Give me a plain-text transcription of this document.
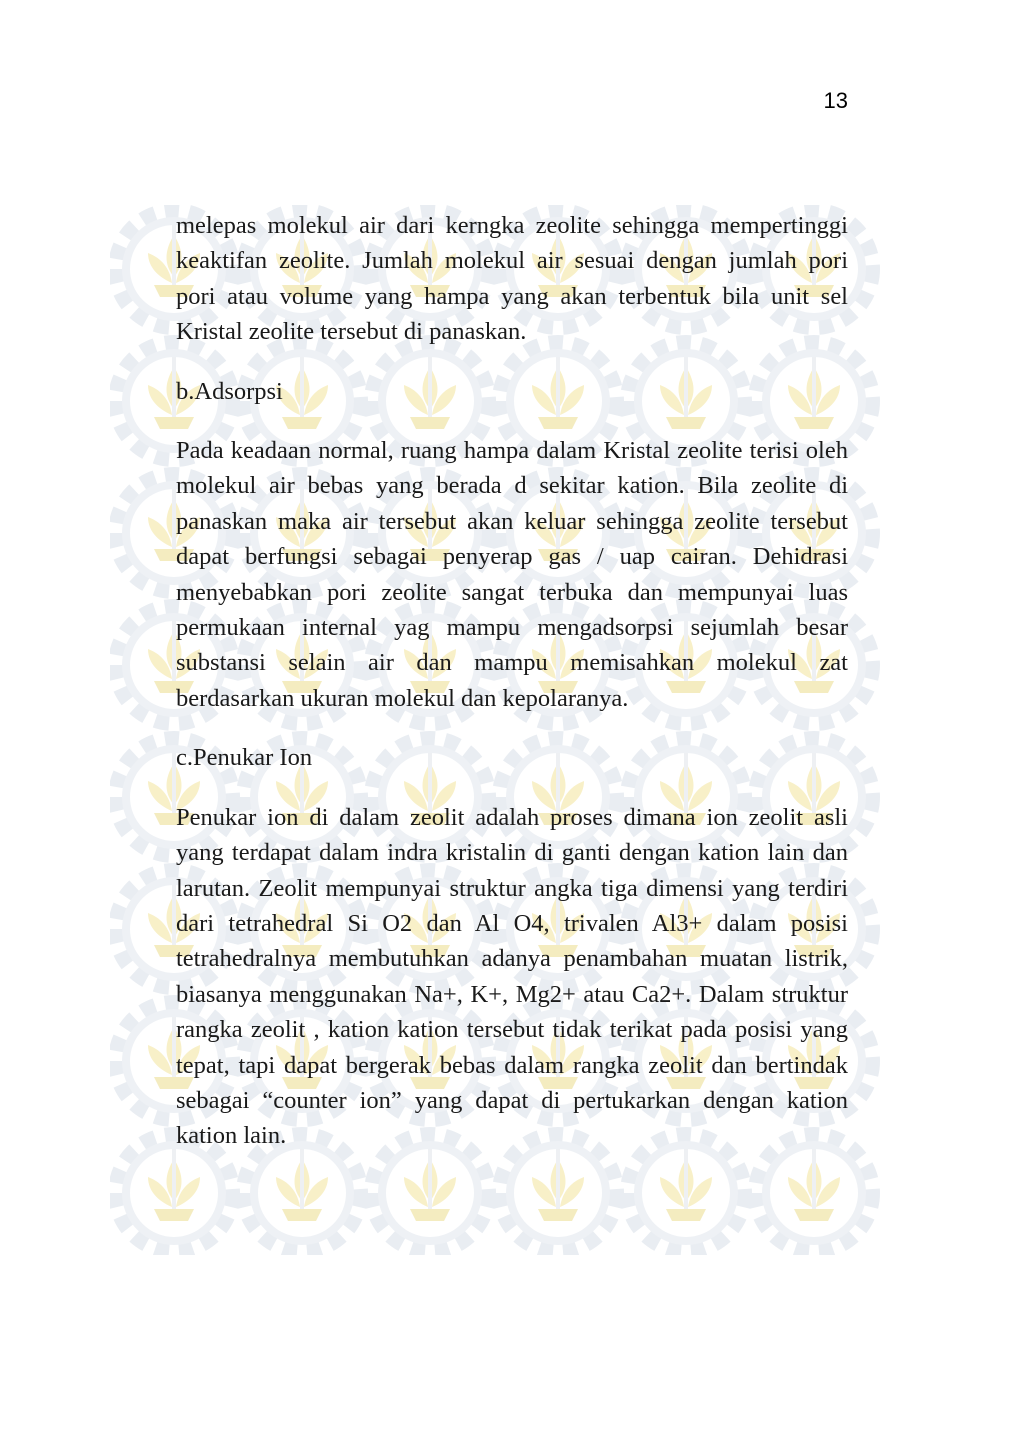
13

melepas molekul air dari kerngka zeolite sehingga mempertinggi keaktifan zeolite. Jumlah molekul air sesuai dengan jumlah pori pori atau volume yang hampa yang akan terbentuk bila unit sel Kristal zeolite tersebut di panaskan.

b.Adsorpsi

Pada keadaan normal, ruang hampa dalam Kristal zeolite terisi oleh molekul air bebas yang berada d sekitar kation. Bila zeolite di panaskan maka air tersebut akan keluar sehingga zeolite tersebut dapat berfungsi sebagai penyerap gas / uap cairan. Dehidrasi menyebabkan pori zeolite sangat terbuka dan mempunyai luas permukaan internal yag mampu mengadsorpsi sejumlah besar substansi selain air dan mampu memisahkan molekul zat berdasarkan ukuran molekul dan kepolaranya.

c.Penukar Ion

Penukar ion di dalam zeolit adalah proses dimana ion zeolit asli yang terdapat dalam indra kristalin di ganti dengan kation lain dan larutan. Zeolit mempunyai struktur angka tiga dimensi yang terdiri dari tetrahedral Si O2 dan Al O4, trivalen Al3+ dalam posisi tetrahedralnya membutuhkan adanya penambahan muatan listrik, biasanya menggunakan Na+, K+, Mg2+ atau Ca2+. Dalam struktur rangka zeolit , kation kation tersebut tidak terikat pada posisi yang tepat, tapi dapat bergerak bebas dalam rangka zeolit dan bertindak sebagai “counter ion” yang dapat di pertukarkan dengan kation kation lain.
